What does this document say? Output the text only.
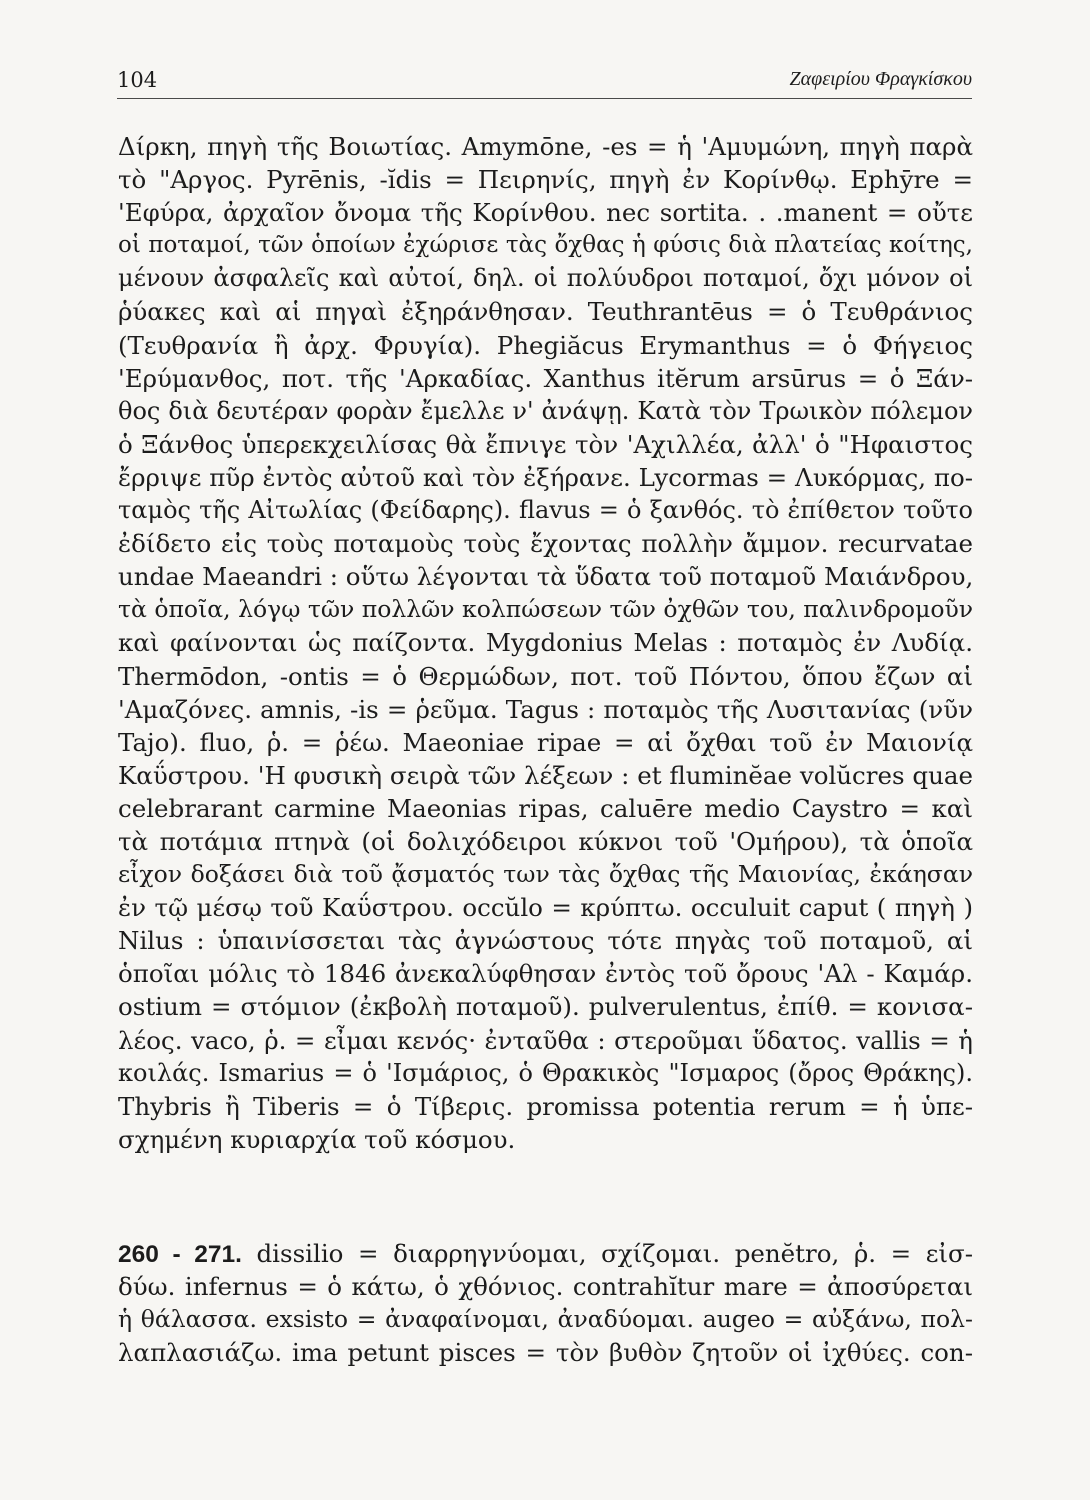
104	Ζαφειρίου Φραγκίσκου
Δίρκη, πηγὴ τῆς Βοιωτίας. Amymōne, -es = ἡ 'Αμυμώνη, πηγὴ παρὰ
τὸ "Αργος. Pyrēnis, -ĭdis = Πειρηνίς, πηγὴ ἐν Κορίνθῳ. Ephȳre =
'Εφύρα, ἀρχαῖον ὄνομα τῆς Κορίνθου. nec sortita. . .manent = οὔτε
οἱ ποταμοί, τῶν ὁποίων ἐχώρισε τὰς ὄχθας ἡ φύσις διὰ πλατείας κοίτης,
μένουν ἀσφαλεῖς καὶ αὐτοί, δηλ. οἱ πολύυδροι ποταμοί, ὄχι μόνον οἱ
ῥύακες καὶ αἱ πηγαὶ ἐξηράνθησαν. Teuthrantēus = ὁ Τευθράνιος
(Τευθρανία ἢ ἀρχ. Φρυγία). Phegiăcus Erymanthus = ὁ Φήγειος
'Ερύμανθος, ποτ. τῆς 'Αρκαδίας. Xanthus itĕrum arsūrus = ὁ Ξάν-
θος διὰ δευτέραν φορὰν ἔμελλε ν' ἀνάψῃ. Κατὰ τὸν Τρωικὸν πόλεμον
ὁ Ξάνθος ὑπερεκχειλίσας θὰ ἔπνιγε τὸν 'Αχιλλέα, ἀλλ' ὁ "Ηφαιστος
ἔρριψε πῦρ ἐντὸς αὐτοῦ καὶ τὸν ἐξήρανε. Lycormas = Λυκόρμας, πο-
ταμὸς τῆς Αἰτωλίας (Φείδαρης). flavus = ὁ ξανθός. τὸ ἐπίθετον τοῦτο
ἐδίδετο εἰς τοὺς ποταμοὺς τοὺς ἔχοντας πολλὴν ἄμμον. recurvatae
undae Maeandri : οὕτω λέγονται τὰ ὕδατα τοῦ ποταμοῦ Μαιάνδρου,
τὰ ὁποῖα, λόγῳ τῶν πολλῶν κολπώσεων τῶν ὀχθῶν του, παλινδρομοῦν
καὶ φαίνονται ὡς παίζοντα. Mygdonius Melas : ποταμὸς ἐν Λυδίᾳ.
Thermōdon, -ontis = ὁ Θερμώδων, ποτ. τοῦ Πόντου, ὅπου ἔζων αἱ
'Αμαζόνες. amnis, -is = ῥεῦμα. Tagus : ποταμὸς τῆς Λυσιτανίας (νῦν
Tajo). fluo, ῥ. = ῥέω. Maeoniae ripae = αἱ ὄχθαι τοῦ ἐν Μαιονίᾳ
Καΰστρου. 'Η φυσικὴ σειρὰ τῶν λέξεων : et fluminĕae volŭcres quae
celebrarant carmine Maeonias ripas, caluēre medio Caystro = καὶ
τὰ ποτάμια πτηνὰ (οἱ δολιχόδειροι κύκνοι τοῦ 'Ομήρου), τὰ ὁποῖα
εἶχον δοξάσει διὰ τοῦ ᾄσματός των τὰς ὄχθας τῆς Μαιονίας, ἐκάησαν
ἐν τῷ μέσῳ τοῦ Καΰστρου. occŭlo = κρύπτω. occuluit caput ( πηγὴ )
Nilus : ὑπαινίσσεται τὰς ἀγνώστους τότε πηγὰς τοῦ ποταμοῦ, αἱ
ὁποῖαι μόλις τὸ 1846 ἀνεκαλύφθησαν ἐντὸς τοῦ ὄρους 'Αλ - Καμάρ.
ostium = στόμιον (ἐκβολὴ ποταμοῦ). pulverulentus, ἐπίθ. = κονισα-
λέος. vaco, ῥ. = εἶμαι κενός· ἐνταῦθα : στεροῦμαι ὕδατος. vallis = ἡ
κοιλάς. Ismarius = ὁ 'Ισμάριος, ὁ Θρακικὸς "Ισμαρος (ὄρος Θράκης).
Thybris ἢ Tiberis = ὁ Τίβερις. promissa potentia rerum = ἡ ὑπε-
σχημένη κυριαρχία τοῦ κόσμου.
260 - 271. dissilio = διαρρηγνύομαι, σχίζομαι. penĕtro, ῥ. = εἰσ-
δύω. infernus = ὁ κάτω, ὁ χθόνιος. contrahĭtur mare = ἀποσύρεται
ἡ θάλασσα. exsisto = ἀναφαίνομαι, ἀναδύομαι. augeo = αὐξάνω, πολ-
λαπλασιάζω. ima petunt pisces = τὸν βυθὸν ζητοῦν οἱ ἰχθύες. con-
